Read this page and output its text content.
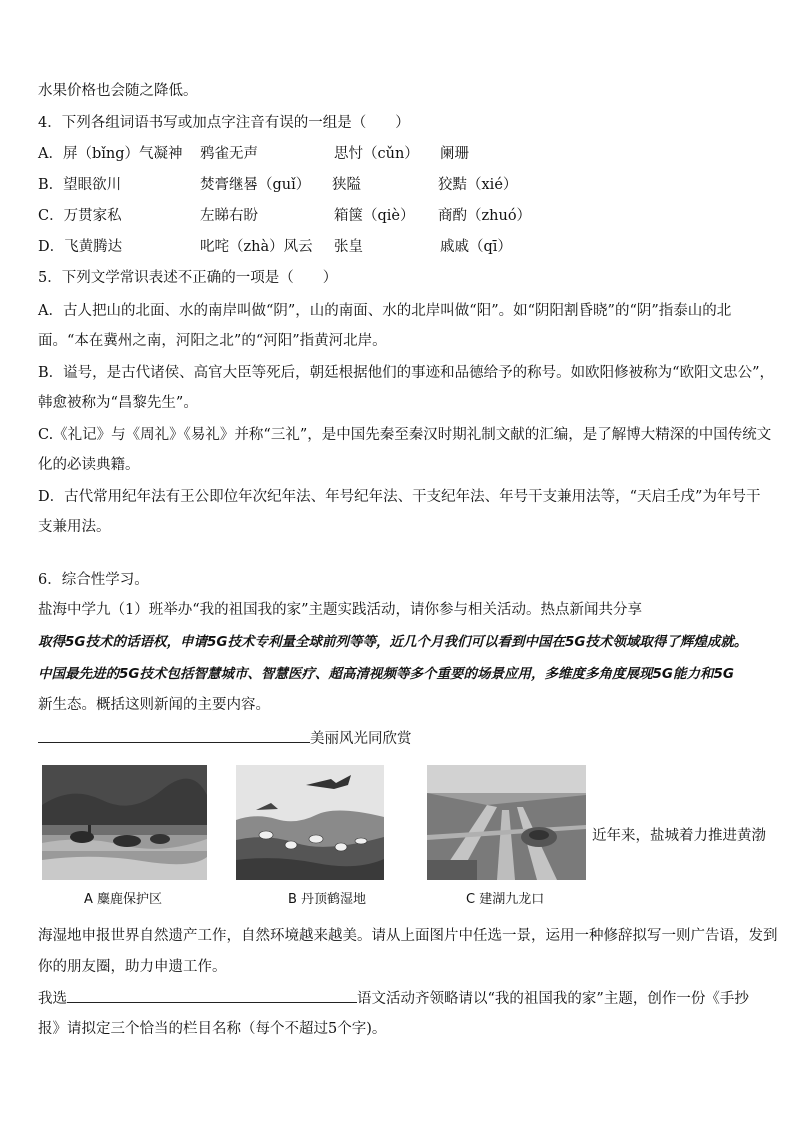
水果价格也会随之降低。
4．下列各组词语书写或加点字注音有误的一组是（　　）
A．屏（bǐng）气凝神 鸦雀无声	思忖（cǔn） 阑珊
B．望眼欲川	焚膏继晷（guǐ） 狭隘	狡黠（xié）
C．万贯家私	左睇右盼	箱箧（qiè） 商酌（zhuó）
D．飞黄腾达	叱咤（zhà）风云 张皇	戚戚（qī）
5．下列文学常识表述不正确的一项是（　　）
A．古人把山的北面、水的南岸叫做“阴”，山的南面、水的北岸叫做“阳”。如“阴阳割昏晓”的“阴”指泰山的北
面。“本在冀州之南，河阳之北”的“河阳”指黄河北岸。
B．谥号，是古代诸侯、高官大臣等死后，朝廷根据他们的事迹和品德给予的称号。如欧阳修被称为“欧阳文忠公”，
韩愈被称为“昌黎先生”。
C.《礼记》与《周礼》《易礼》并称“三礼”，是中国先秦至秦汉时期礼制文献的汇编，是了解博大精深的中国传统文
化的必读典籍。
D．古代常用纪年法有王公即位年次纪年法、年号纪年法、干支纪年法、年号干支兼用法等，“天启壬戌”为年号干
支兼用法。
6．综合性学习。
盐海中学九（1）班举办“我的祖国我的家”主题实践活动，请你参与相关活动。热点新闻共分享
取得5G技术的话语权，申请5G技术专利量全球前列等等，近几个月我们可以看到中国在5G技术领域取得了辉煌成就。
中国最先进的5G技术包括智慧城市、智慧医疗、超高清视频等多个重要的场景应用，多维度多角度展现5G能力和5G
新生态。概括这则新闻的主要内容。
美丽风光同欣赏
近年来，盐城着力推进黄渤
A 麋鹿保护区	B 丹顶鹤湿地	C 建湖九龙口
海湿地申报世界自然遗产工作，自然环境越来越美。请从上面图片中任选一景，运用一种修辞拟写一则广告语，发到
你的朋友圈，助力申遗工作。
我选	语文活动齐领略请以“我的祖国我的家”主题，创作一份《手抄
报》请拟定三个恰当的栏目名称（每个不超过5个字)。
